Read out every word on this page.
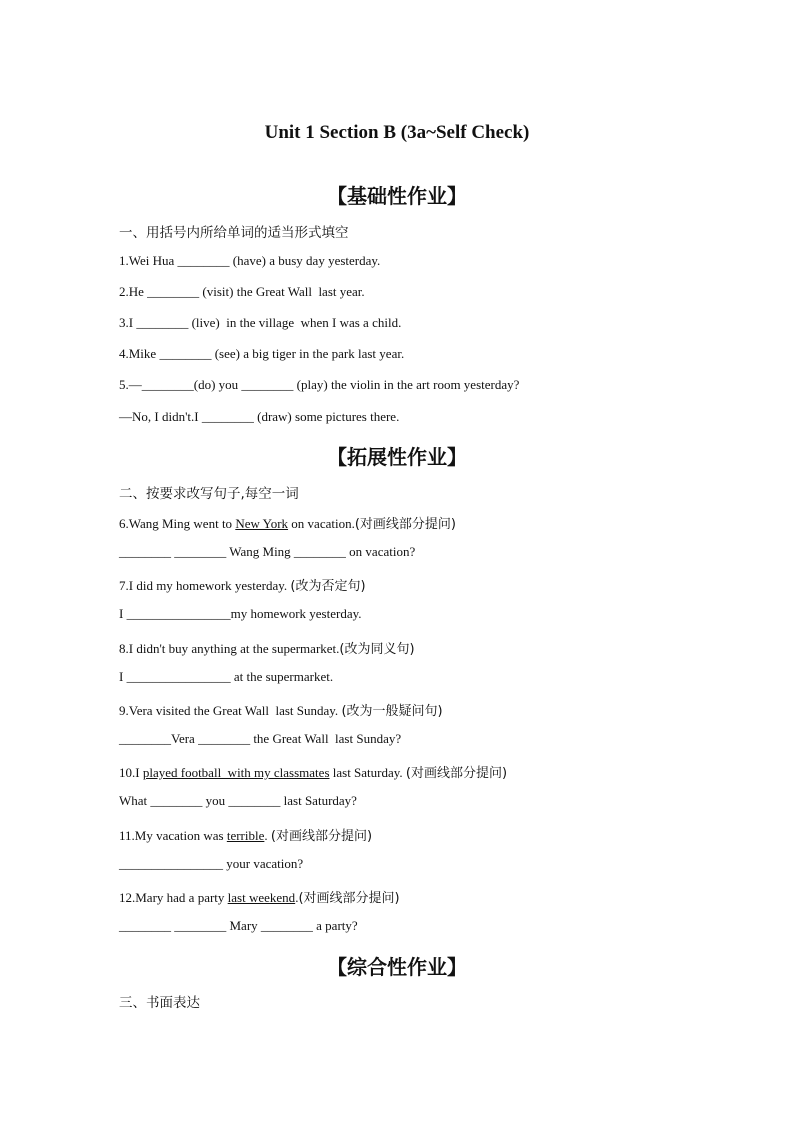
Unit 1 Section B (3a~Self Check)
【基础性作业】
一、用括号内所给单词的适当形式填空
1.Wei Hua ________ (have) a busy day yesterday.
2.He ________ (visit) the Great Wall  last year.
3.I ________ (live)  in the village  when I was a child.
4.Mike ________ (see) a big tiger in the park last year.
5.—________(do) you ________ (play) the violin in the art room yesterday?
—No, I didn't.I ________ (draw) some pictures there.
【拓展性作业】
二、按要求改写句子,每空一词
6.Wang Ming went to New York on vacation.(对画线部分提问)
________ ________ Wang Ming ________ on vacation?
7.I did my homework yesterday. (改为否定句)
I ________________my homework yesterday.
8.I didn't buy anything at the supermarket.(改为同义句)
I ________________ at the supermarket.
9.Vera visited the Great Wall  last Sunday. (改为一般疑问句)
________Vera ________ the Great Wall  last Sunday?
10.I played football  with my classmates last Saturday. (对画线部分提问)
What ________ you ________ last Saturday?
11.My vacation was terrible. (对画线部分提问)
________________ your vacation?
12.Mary had a party last weekend.(对画线部分提问)
________ ________ Mary ________ a party?
【综合性作业】
三、书面表达
